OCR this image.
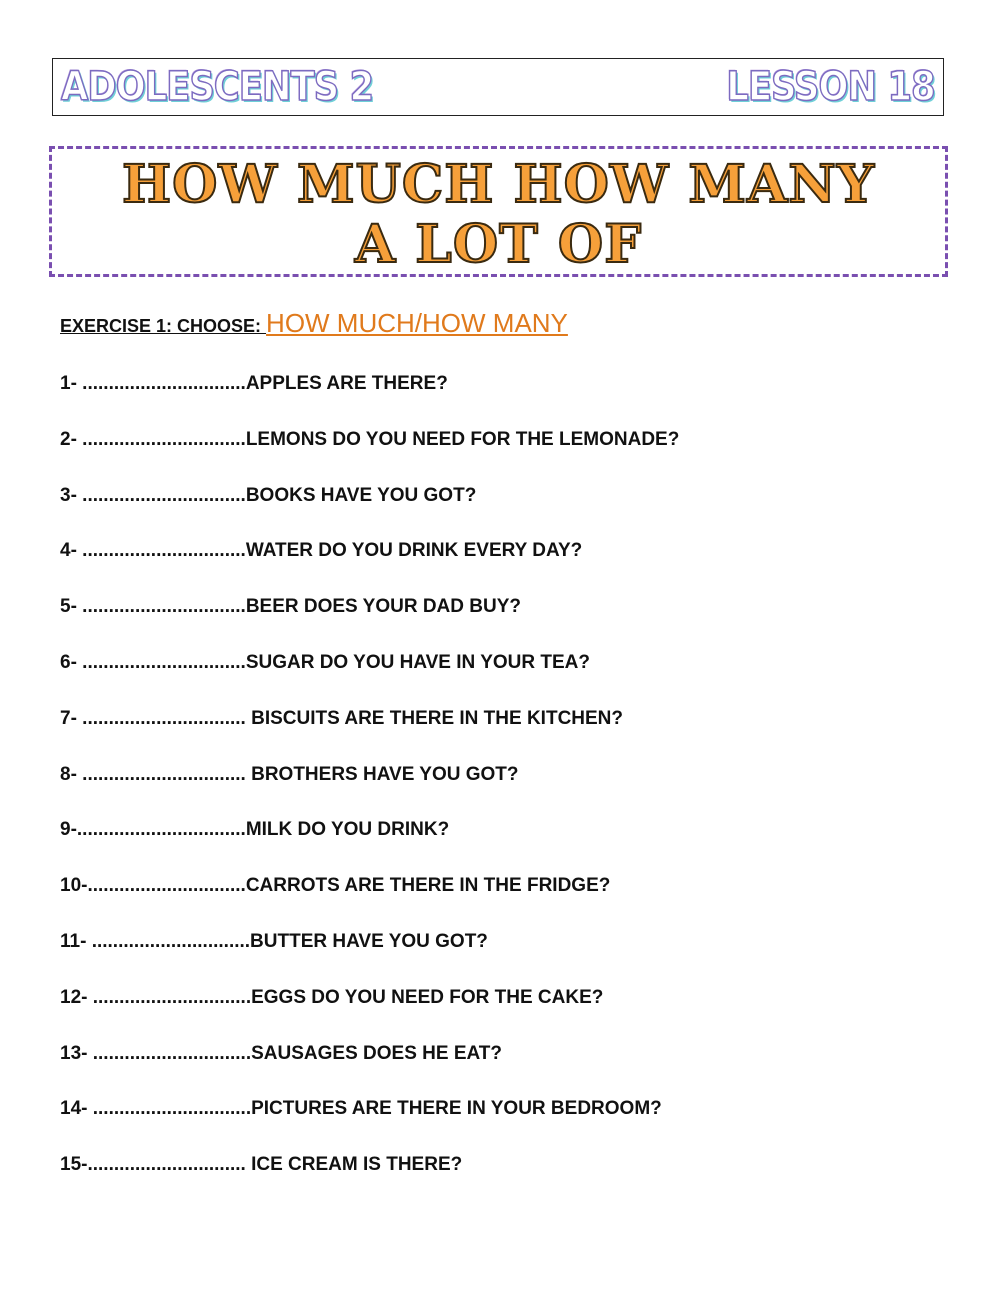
ADOLESCENTS 2	LESSON 18
HOW MUCH HOW MANY
A LOT OF
EXERCISE 1: CHOOSE: HOW MUCH/HOW MANY
1- ...............................APPLES ARE THERE?
2- ...............................LEMONS DO YOU NEED FOR THE LEMONADE?
3- ...............................BOOKS HAVE YOU GOT?
4- ...............................WATER DO YOU DRINK EVERY DAY?
5- ...............................BEER DOES YOUR DAD BUY?
6- ...............................SUGAR DO YOU HAVE IN YOUR TEA?
7- ............................... BISCUITS ARE THERE IN THE KITCHEN?
8- ............................... BROTHERS HAVE YOU GOT?
9-................................MILK DO YOU DRINK?
10-..............................CARROTS ARE THERE IN THE FRIDGE?
11- ..............................BUTTER HAVE YOU GOT?
12- ..............................EGGS DO YOU NEED FOR THE CAKE?
13- ..............................SAUSAGES DOES HE EAT?
14- ..............................PICTURES ARE THERE IN YOUR BEDROOM?
15-.............................. ICE CREAM IS THERE?
